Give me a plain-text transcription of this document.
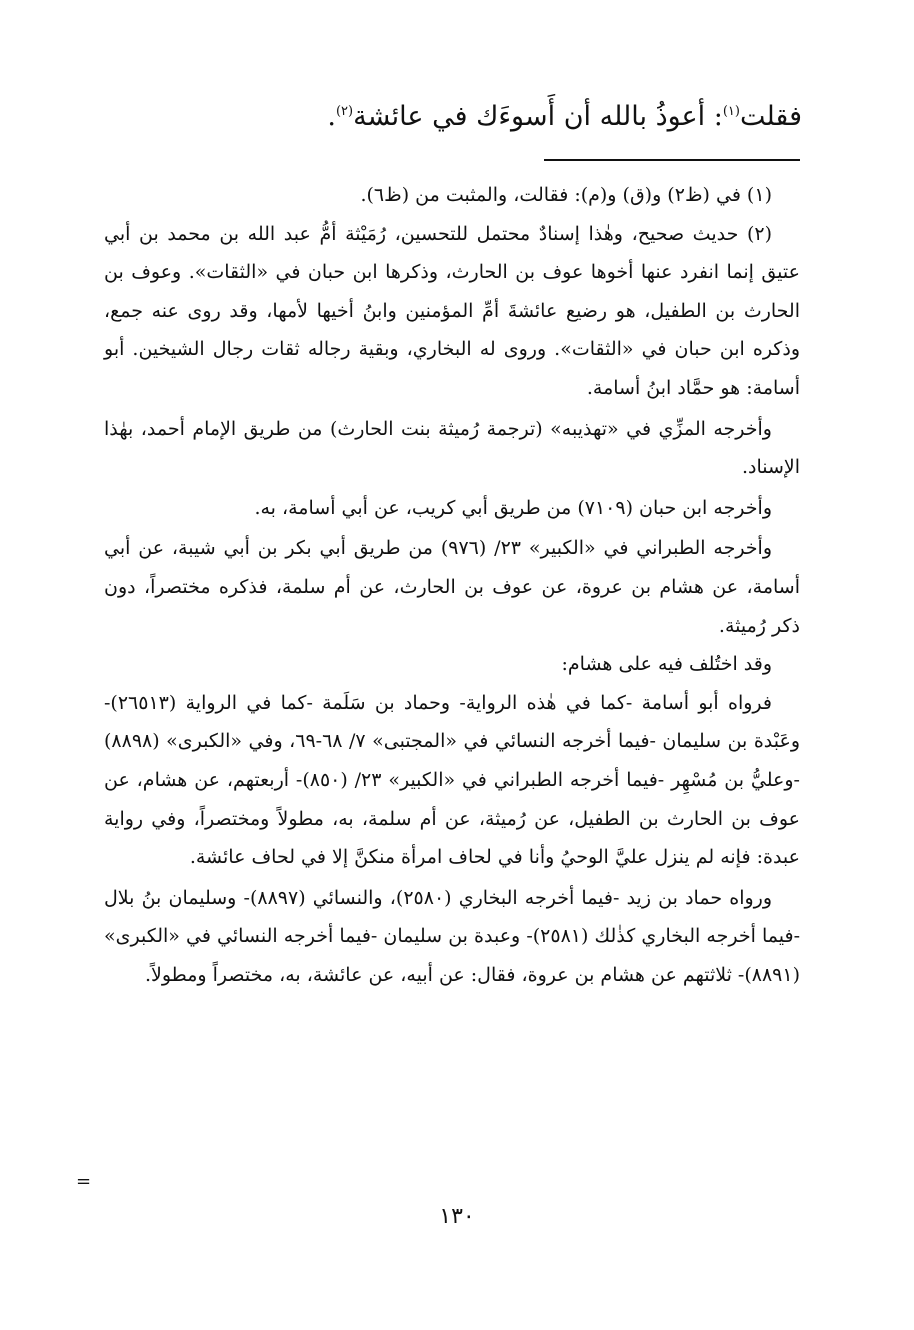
فقلت$^{(١)}$: أعوذُ بالله أن أَسوءَك في عائشة$^{(٢)}$.

(١) في (ظ٢) و(ق) و(م): فقالت، والمثبت من (ظ٦).

(٢) حديث صحيح، وهٰذا إسنادٌ محتمل للتحسين، رُمَيْثة أمُّ عبد الله بن محمد بن أبي عتيق إنما انفرد عنها أخوها عوف بن الحارث، وذكرها ابن حبان في «الثقات». وعوف بن الحارث بن الطفيل، هو رضيع عائشةَ أمِّ المؤمنين وابنُ أخيها لأمها، وقد روى عنه جمع، وذكره ابن حبان في «الثقات». وروى له البخاري، وبقية رجاله ثقات رجال الشيخين. أبو أسامة: هو حمَّاد ابنُ أسامة.

وأخرجه المزِّي في «تهذيبه» (ترجمة رُميثة بنت الحارث) من طريق الإمام أحمد، بهٰذا الإسناد.

وأخرجه ابن حبان (٧١٠٩) من طريق أبي كريب، عن أبي أسامة، به.

وأخرجه الطبراني في «الكبير» ٢٣/ (٩٧٦) من طريق أبي بكر بن أبي شيبة، عن أبي أسامة، عن هشام بن عروة، عن عوف بن الحارث، عن أم سلمة، فذكره مختصراً، دون ذكر رُميثة.

وقد اختُلف فيه على هشام:

فرواه أبو أسامة -كما في هٰذه الرواية- وحماد بن سَلَمة -كما في الرواية (٢٦٥١٣)- وعَبْدة بن سليمان -فيما أخرجه النسائي في «المجتبى» ٧/ ٦٨-٦٩، وفي «الكبرى» (٨٨٩٨) -وعليُّ بن مُسْهِر -فيما أخرجه الطبراني في «الكبير» ٢٣/ (٨٥٠)- أربعتهم، عن هشام، عن عوف بن الحارث بن الطفيل، عن رُميثة، عن أم سلمة، به، مطولاً ومختصراً، وفي رواية عبدة: فإنه لم ينزل عليَّ الوحيُ وأنا في لحاف امرأة منكنَّ إلا في لحاف عائشة.

ورواه حماد بن زيد -فيما أخرجه البخاري (٢٥٨٠)، والنسائي (٨٨٩٧)- وسليمان بنُ بلال -فيما أخرجه البخاري كذٰلك (٢٥٨١)- وعبدة بن سليمان -فيما أخرجه النسائي في «الكبرى» (٨٨٩١)- ثلاثتهم عن هشام بن عروة، فقال: عن أبيه، عن عائشة، به، مختصراً ومطولاً.

=
١٣٠
